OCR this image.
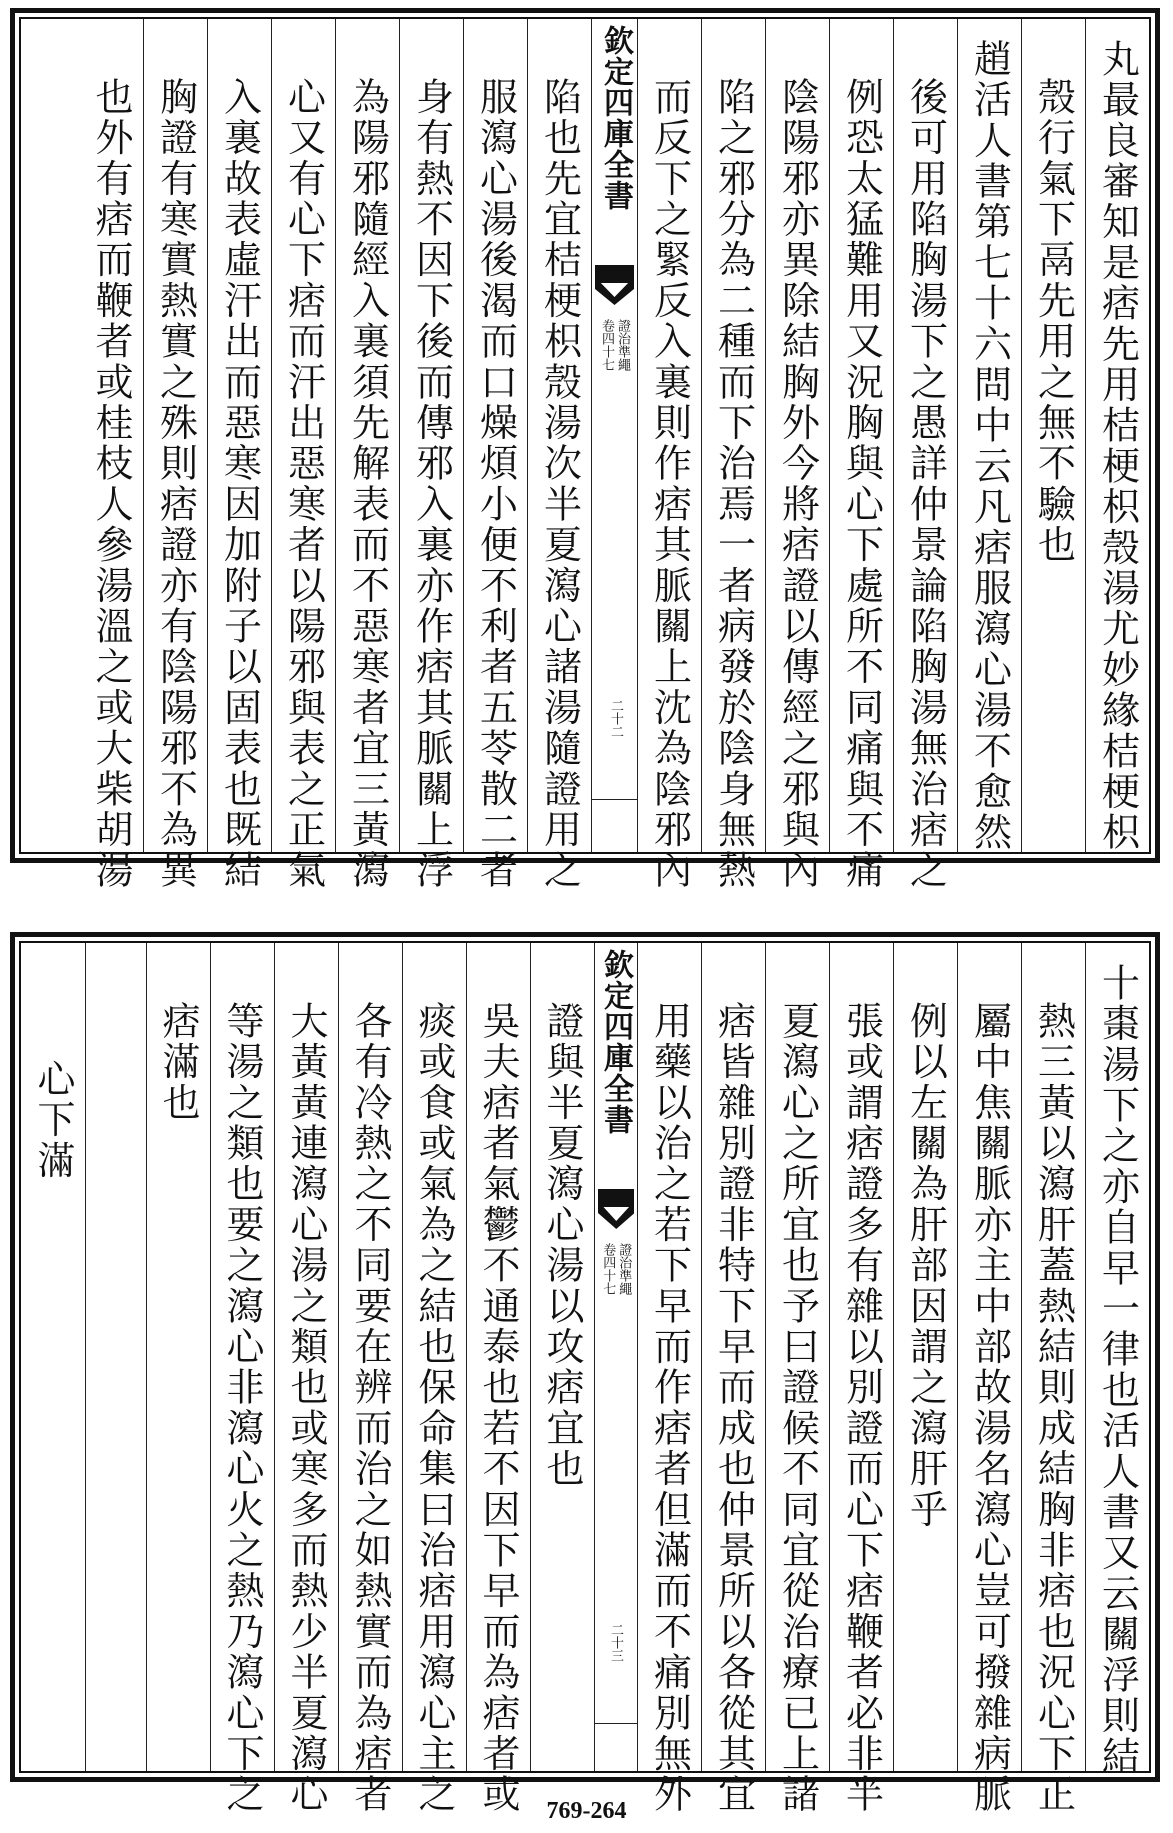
丸最良審知是痞先用桔梗枳殼湯尤妙緣桔梗枳
殼行氣下鬲先用之無不驗也
趙活人書第七十六問中云凡痞服瀉心湯不愈然
後可用陷胸湯下之愚詳仲景論陷胸湯無治痞之
例恐太猛難用又況胸與心下處所不同痛與不痛
陰陽邪亦異除結胸外今將痞證以傳經之邪與內
陷之邪分為二種而下治焉一者病發於陰身無熱
而反下之緊反入裏則作痞其脈關上沈為陰邪內
欽定四庫全書
證治準繩
卷四十七
二十二
陷也先宜桔梗枳殼湯次半夏瀉心諸湯隨證用之
服瀉心湯後渴而口燥煩小便不利者五苓散二者
身有熱不因下後而傳邪入裏亦作痞其脈關上浮
為陽邪隨經入裏須先解表而不惡寒者宜三黃瀉
心又有心下痞而汗出惡寒者以陽邪與表之正氣
入裏故表虛汗出而惡寒因加附子以固表也既結
胸證有寒實熱實之殊則痞證亦有陰陽邪不為異
也外有痞而鞭者或桂枝人參湯溫之或大柴胡湯
十棗湯下之亦自早一律也活人書又云關浮則結
熱三黃以瀉肝蓋熱結則成結胸非痞也況心下正
屬中焦關脈亦主中部故湯名瀉心豈可撥雜病脈
例以左關為肝部因謂之瀉肝乎
張或謂痞證多有雜以別證而心下痞鞭者必非半
夏瀉心之所宜也予曰證候不同宜從治療已上諸
痞皆雜別證非特下早而成也仲景所以各從其宜
用藥以治之若下早而作痞者但滿而不痛別無外
欽定四庫全書
證治準繩
卷四十七
二十三
證與半夏瀉心湯以攻痞宜也
吳夫痞者氣鬱不通泰也若不因下早而為痞者或
痰或食或氣為之結也保命集曰治痞用瀉心主之
各有冷熱之不同要在辨而治之如熱實而為痞者
大黃黃連瀉心湯之類也或寒多而熱少半夏瀉心
等湯之類也要之瀉心非瀉心火之熱乃瀉心下之
痞滿也
心下滿
769-264
